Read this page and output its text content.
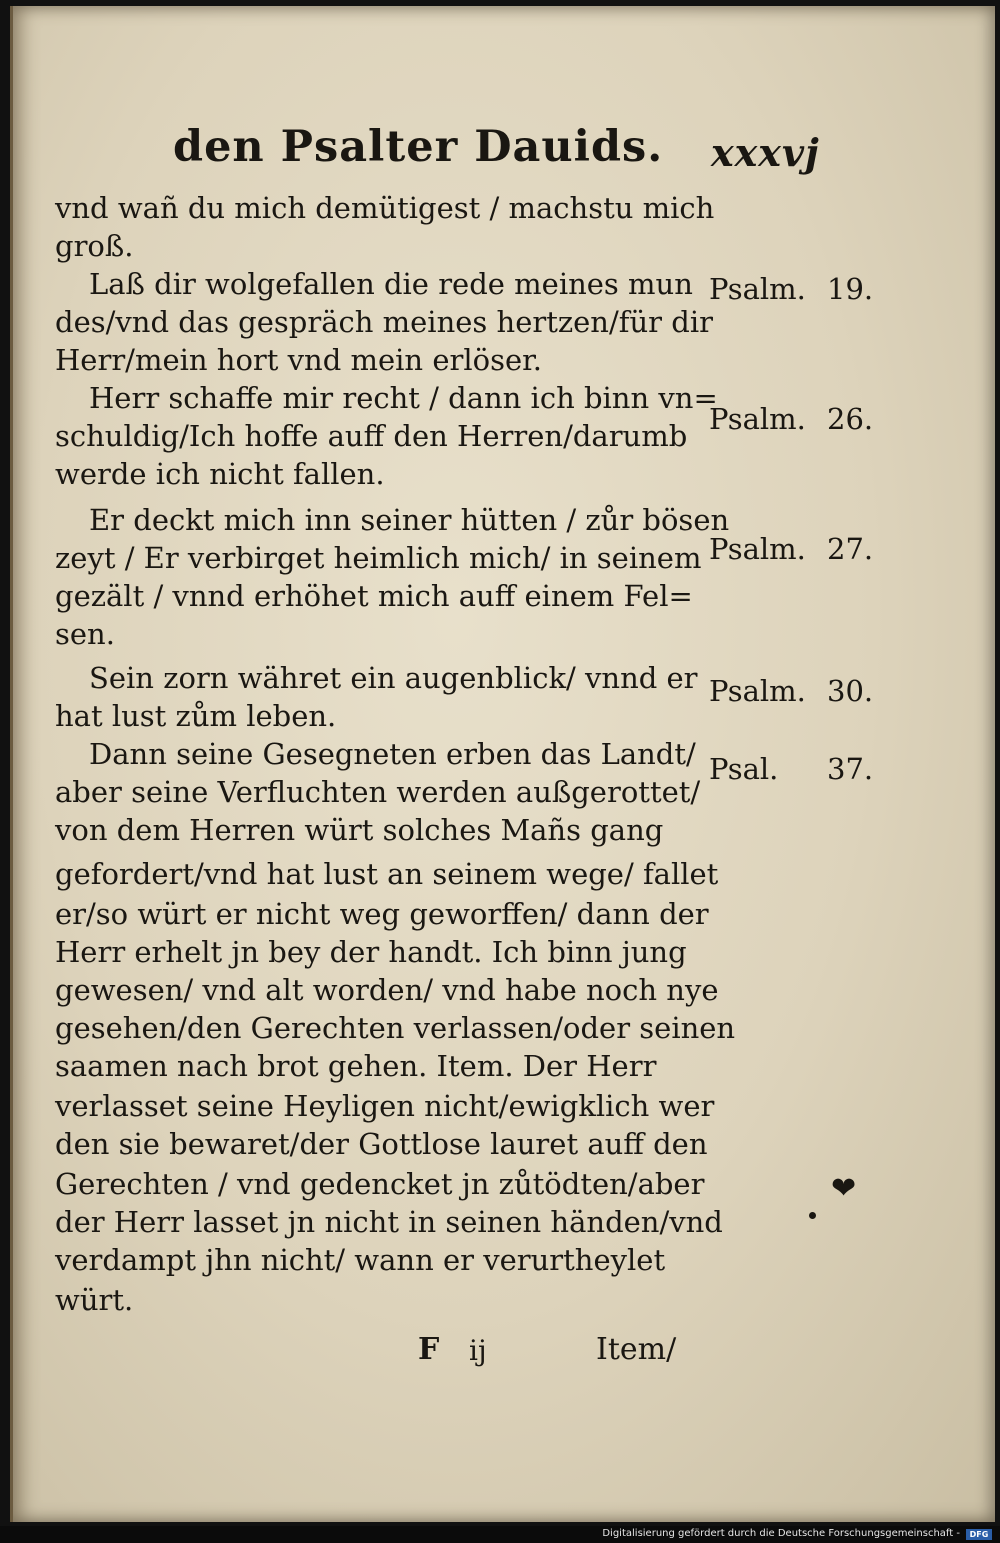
den Psalter Dauids. xxxvj
vnd wañ du mich demütigest / machstu mich
groß.
Laß dir wolgefallen die rede meines mun
des/vnd das gespräch meines hertzen/für dir
Herr/mein hort vnd mein erlöser.
Herr schaffe mir recht / dann ich binn vn=
schuldig/Ich hoffe auff den Herren/darumb
werde ich nicht fallen.
Er deckt mich inn seiner hütten / zůr bösen
zeyt / Er verbirget heimlich mich/ in seinem
gezält / vnnd erhöhet mich auff einem Fel=
sen.
Sein zorn währet ein augenblick/ vnnd er
hat lust zům leben.
Dann seine Gesegneten erben das Landt/
aber seine Verfluchten werden außgerottet/
von dem Herren würt solches Mañs gang
gefordert/vnd hat lust an seinem wege/ fallet
er/so würt er nicht weg geworffen/ dann der
Herr erhelt jn bey der handt. Ich binn jung
gewesen/ vnd alt worden/ vnd habe noch nye
gesehen/den Gerechten verlassen/oder seinen
saamen nach brot gehen. Item. Der Herr
verlasset seine Heyligen nicht/ewigklich wer
den sie bewaret/der Gottlose lauret auff den
Gerechten / vnd gedencket jn zůtödten/aber
der Herr lasset jn nicht in seinen händen/vnd
verdampt jhn nicht/ wann er verurtheylet
würt.
Psalm. 19.
Psalm. 26.
Psalm. 27.
Psalm. 30.
Psal. 37.
❤
F ij	Item/
Digitalisierung gefördert durch die Deutsche Forschungsgemeinschaft -	DFG
